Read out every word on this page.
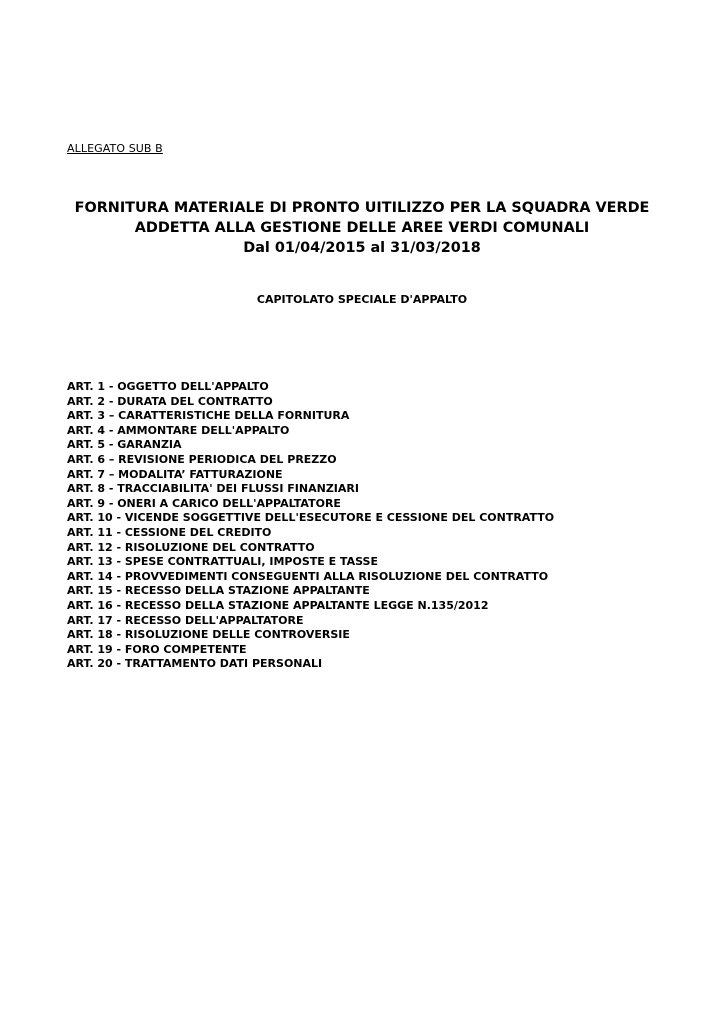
ALLEGATO SUB B
FORNITURA MATERIALE DI PRONTO UITILIZZO PER LA SQUADRA VERDE
ADDETTA ALLA GESTIONE DELLE AREE VERDI COMUNALI
Dal 01/04/2015 al 31/03/2018
CAPITOLATO SPECIALE D'APPALTO
ART. 1 - OGGETTO DELL'APPALTO
ART. 2 - DURATA DEL CONTRATTO
ART. 3 – CARATTERISTICHE DELLA FORNITURA
ART. 4 - AMMONTARE DELL'APPALTO
ART. 5 - GARANZIA
ART. 6 – REVISIONE PERIODICA DEL PREZZO
ART. 7 – MODALITA’ FATTURAZIONE
ART. 8 - TRACCIABILITA' DEI FLUSSI FINANZIARI
ART. 9 - ONERI A CARICO DELL'APPALTATORE
ART. 10 - VICENDE SOGGETTIVE DELL'ESECUTORE E CESSIONE DEL CONTRATTO
ART. 11 - CESSIONE DEL CREDITO
ART. 12 - RISOLUZIONE DEL CONTRATTO
ART. 13 - SPESE CONTRATTUALI, IMPOSTE E TASSE
ART. 14 - PROVVEDIMENTI CONSEGUENTI ALLA RISOLUZIONE DEL CONTRATTO
ART. 15 - RECESSO DELLA STAZIONE APPALTANTE
ART. 16 - RECESSO DELLA STAZIONE APPALTANTE LEGGE N.135/2012
ART. 17 - RECESSO DELL'APPALTATORE
ART. 18 - RISOLUZIONE DELLE CONTROVERSIE
ART. 19 - FORO COMPETENTE
ART. 20 - TRATTAMENTO DATI PERSONALI
